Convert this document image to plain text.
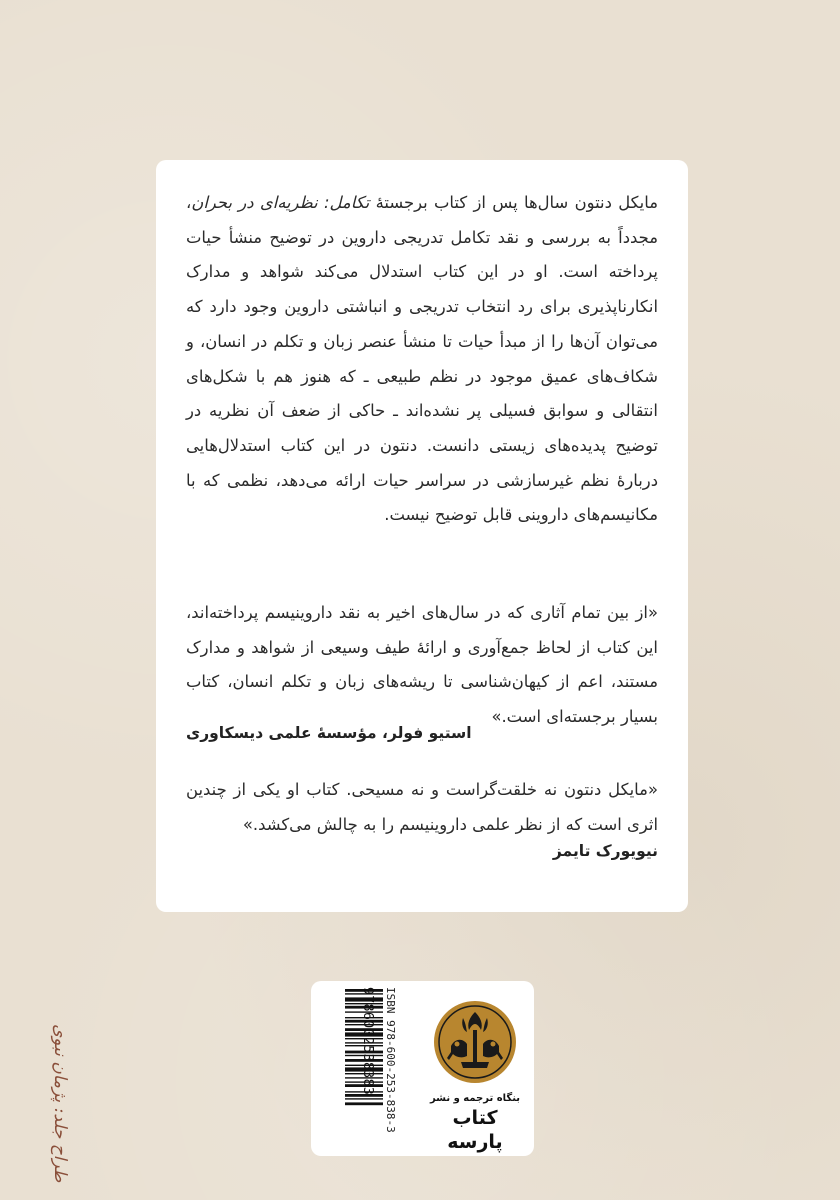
مایکل دنتون سال‌ها پس از کتاب برجستهٔ تکامل: نظریه‌ای در بحران، مجدداً به بررسی و نقد تکامل تدریجی داروین در توضیح منشأ حیات پرداخته است. او در این کتاب استدلال می‌کند شواهد و مدارک انکارناپذیری برای رد انتخاب تدریجی و انباشتی داروین وجود دارد که می‌توان آن‌ها را از مبدأ حیات تا منشأ عنصر زبان و تکلم در انسان، و شکاف‌های عمیق موجود در نظم طبیعی ـ که هنوز هم با شکل‌های انتقالی و سوابق فسیلی پر نشده‌اند ـ حاکی از ضعف آن نظریه در توضیح پدیده‌های زیستی دانست. دنتون در این کتاب استدلال‌هایی دربارهٔ نظم غیرسازشی در سراسر حیات ارائه می‌دهد، نظمی که با مکانیسم‌های داروینی قابل توضیح نیست.

«از بین تمام آثاری که در سال‌های اخیر به نقد داروینیسم پرداخته‌اند، این کتاب از لحاظ جمع‌آوری و ارائهٔ طیف وسیعی از شواهد و مدارک مستند، اعم از کیهان‌شناسی تا ریشه‌های زبان و تکلم انسان، کتاب بسیار برجسته‌ای است.»

استیو فولر، مؤسسهٔ علمی دیسکاوری

«مایکل دنتون نه خلقت‌گراست و نه مسیحی. کتاب او یکی از چندین اثری است که از نظر علمی داروینیسم را به چالش می‌کشد.»

نیویورک تایمز
بنگاه ترجمه و نشر
کتاب پارسه
ISBN 978-600-253-838-3
9786002538383
طراح جلد: پژمان نبوی
